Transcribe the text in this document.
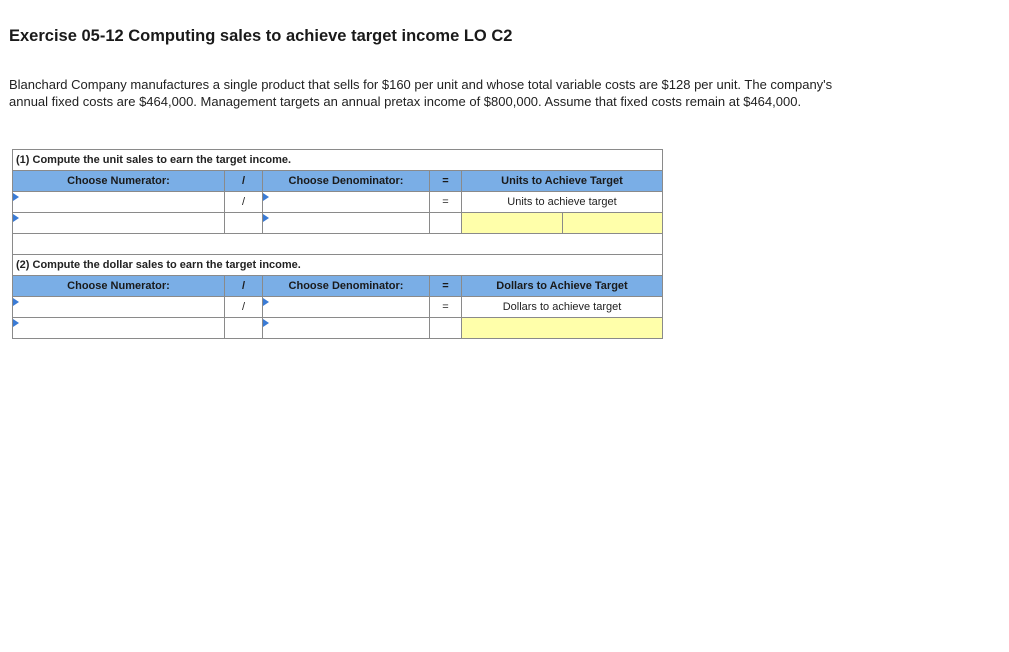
Exercise 05-12 Computing sales to achieve target income LO C2

Blanchard Company manufactures a single product that sells for $160 per unit and whose total variable costs are $128 per unit. The company's annual fixed costs are $464,000. Management targets an annual pretax income of $800,000. Assume that fixed costs remain at $464,000.

(1) Compute the unit sales to earn the target income.					
Choose Numerator:	/	Choose Denominator:	=	Units to Achieve Target	

	/		=	Units to achieve target	

(2) Compute the dollar sales to earn the target income.					
Choose Numerator:	/	Choose Denominator:	=	Dollars to Achieve Target	

	/		=	Dollars to achieve target	
